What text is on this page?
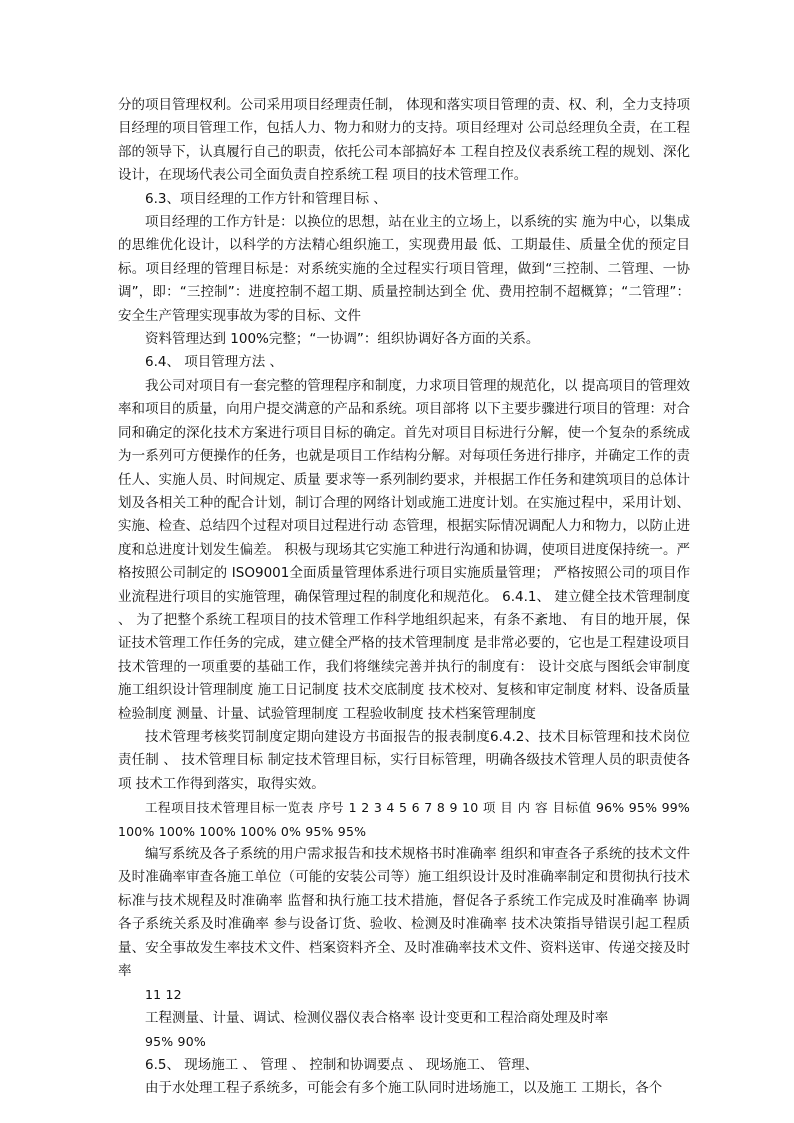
分的项目管理权利。公司采用项目经理责任制， 体现和落实项目管理的责、权、利，全力支持项目经理的项目管理工作，包括人力、物力和财力的支持。项目经理对 公司总经理负全责，在工程部的领导下，认真履行自己的职责，依托公司本部搞好本 工程自控及仪表系统工程的规划、深化设计，在现场代表公司全面负责自控系统工程 项目的技术管理工作。

6.3、项目经理的工作方针和管理目标 、

项目经理的工作方针是：以换位的思想，站在业主的立场上，以系统的实 施为中心，以集成的思维优化设计，以科学的方法精心组织施工，实现费用最 低、工期最佳、质量全优的预定目标。项目经理的管理目标是：对系统实施的全过程实行项目管理，做到“三控制、二管理、一协调”，即：“三控制”：进度控制不超工期、质量控制达到全 优、费用控制不超概算；“二管理”：安全生产管理实现事故为零的目标、文件

资料管理达到 100%完整；“一协调”：组织协调好各方面的关系。

6.4、 项目管理方法 、

我公司对项目有一套完整的管理程序和制度，力求项目管理的规范化，以 提高项目的管理效率和项目的质量，向用户提交满意的产品和系统。项目部将 以下主要步骤进行项目的管理：对合同和确定的深化技术方案进行项目目标的确定。首先对项目目标进行分解，使一个复杂的系统成为一系列可方便操作的任务，也就是项目工作结构分解。对每项任务进行排序，并确定工作的责任人、实施人员、时间规定、质量 要求等一系列制约要求，并根据工作任务和建筑项目的总体计划及各相关工种的配合计划，制订合理的网络计划或施工进度计划。在实施过程中，采用计划、实施、检查、总结四个过程对项目过程进行动 态管理，根据实际情况调配人力和物力，以防止进度和总进度计划发生偏差。 积极与现场其它实施工种进行沟通和协调，使项目进度保持统一。严格按照公司制定的 ISO9001全面质量管理体系进行项目实施质量管理； 严格按照公司的项目作业流程进行项目的实施管理，确保管理过程的制度化和规范化。 6.4.1、 建立健全技术管理制度 、 为了把整个系统工程项目的技术管理工作科学地组织起来，有条不紊地、 有目的地开展，保证技术管理工作任务的完成，建立健全严格的技术管理制度 是非常必要的，它也是工程建设项目技术管理的一项重要的基础工作，我们将继续完善并执行的制度有： 设计交底与图纸会审制度 施工组织设计管理制度 施工日记制度 技术交底制度 技术校对、复核和审定制度 材料、设备质量检验制度 测量、计量、试验管理制度 工程验收制度 技术档案管理制度

技术管理考核奖罚制度定期向建设方书面报告的报表制度6.4.2、技术目标管理和技术岗位责任制 、 技术管理目标 制定技术管理目标，实行目标管理，明确各级技术管理人员的职责使各项 技术工作得到落实，取得实效。

工程项目技术管理目标一览表 序号 1 2 3 4 5 6 7 8 9 10 项 目 内 容 目标值 96% 95% 99% 100% 100% 100% 100% 0% 95% 95%

编写系统及各子系统的用户需求报告和技术规格书时准确率 组织和审查各子系统的技术文件及时准确率审查各施工单位（可能的安装公司等）施工组织设计及时准确率制定和贯彻执行技术标准与技术规程及时准确率 监督和执行施工技术措施，督促各子系统工作完成及时准确率 协调各子系统关系及时准确率 参与设备订货、验收、检测及时准确率 技术决策指导错误引起工程质量、安全事故发生率技术文件、档案资料齐全、及时准确率技术文件、资料送审、传递交接及时率

11 12

工程测量、计量、调试、检测仪器仪表合格率 设计变更和工程洽商处理及时率

95% 90%

6.5、 现场施工 、 管理 、 控制和协调要点 、 现场施工、 管理、

由于水处理工程子系统多，可能会有多个施工队同时进场施工，以及施工 工期长，各个
